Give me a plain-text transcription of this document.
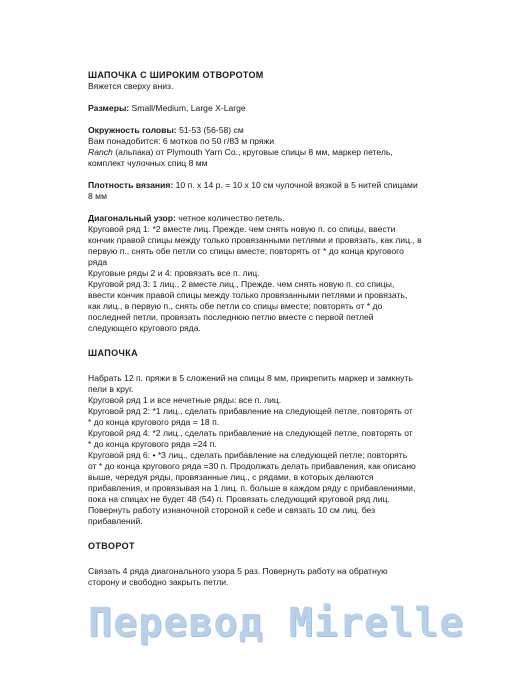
ШАПОЧКА С ШИРОКИМ ОТВОРОТОМ

Вяжется сверху вниз.

Размеры: Small/Medium, Large X-Large

Окружность головы: 51-53 (56-58) см

Вам понадобится: 6 мотков по 50 г/83 м пряжи

Ranch (альпака) от Plymouth Yarn Co., круговые спицы 8 мм, маркер петель,

комплект чулочных спиц 8 мм

Плотность вязания: 10 п. х 14 р. = 10 х 10 см чулочной вязкой в 5 нитей спицами

8 мм

Диагональный узор: четное количество петель.

Круговой ряд 1: *2 вместе лиц. Прежде. чем снять новую п. со спицы, ввести

кончик правой спицы между только провязанными петлями и провязать, как лиц., в

первую п., снять обе петли со спицы вместе; повторять от * до конца кругового

ряда

Круговые ряды 2 и 4: провязать все п. лиц.

Круговой ряд 3: 1 лиц., 2 вместе лиц., Прежде. чем снять новую п. со спицы,

ввести кончик правой спицы между только провязанными петлями и провязать,

как лиц., в первую п., снять обе петли со спицы вместе; повторять от * до

последней петли, провязать последнюю петлю вместе с первой петлей

следующего кругового ряда.

ШАПОЧКА

Набрать 12 п. пряжи в 5 сложений на спицы 8 мм, прикрепить маркер и замкнуть

пели в круг.

Круговой ряд 1 и все нечетные ряды: все п. лиц.

Круговой ряд 2: *1 лиц., сделать прибавление на следующей петле, повторять от

* до конца кругового ряда = 18 п.

Круговой ряд 4: *2 лиц., сделать прибавление на следующей петле, повторять от

* до конца кругового ряда =24 п.

Круговой ряд 6: • *3 лиц., сделать прибавление на следующей петле; повторять

от * до конца кругового ряда =30 п. Продолжать делать прибавления, как описано

выше, чередуя ряды, провязанные лиц., с рядами, в которых делаются

прибавления, и провязывая на 1 лиц. п. больше в каждом ряду с прибавлениями,

пока на спицах не будет 48 (54) п. Провязать следующий круговой ряд лиц.

Повернуть работу изнаночной стороной к себе и связать 10 см лиц. без

прибавлений.

ОТВОРОТ

Связать 4 ряда диагонального узора 5 раз. Повернуть работу на обратную

сторону и свободно закрыть петли.

Перевод Mirelle
